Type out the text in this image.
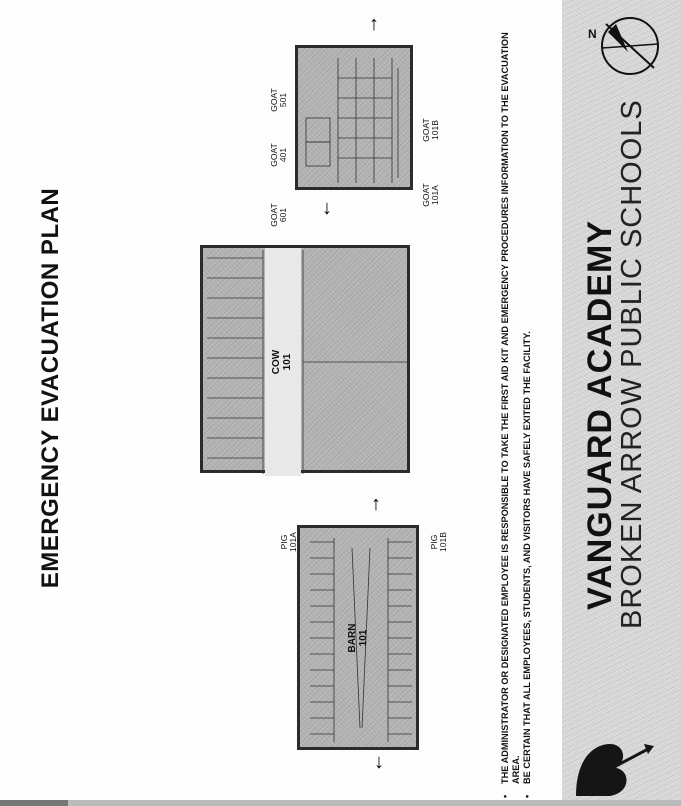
EMERGENCY EVACUATION PLAN
BARN 101
PIG 101A	PIG 101B
↑
↓
COW 101
GOAT 501
GOAT 401
GOAT 601
GOAT 101B
GOAT 101A
↑
↓	• THE ADMINISTRATOR OR DESIGNATED EMPLOYEE IS RESPONSIBLE TO TAKE THE FIRST AID KIT AND EMERGENCY PROCEDURES INFORMATION TO THE EVACUATION AREA. • BE CERTAIN THAT ALL EMPLOYEES, STUDENTS, AND VISITORS HAVE SAFELY EXITED THE FACILITY. VANGUARD ACADEMY
BROKEN ARROW PUBLIC SCHOOLS
N
